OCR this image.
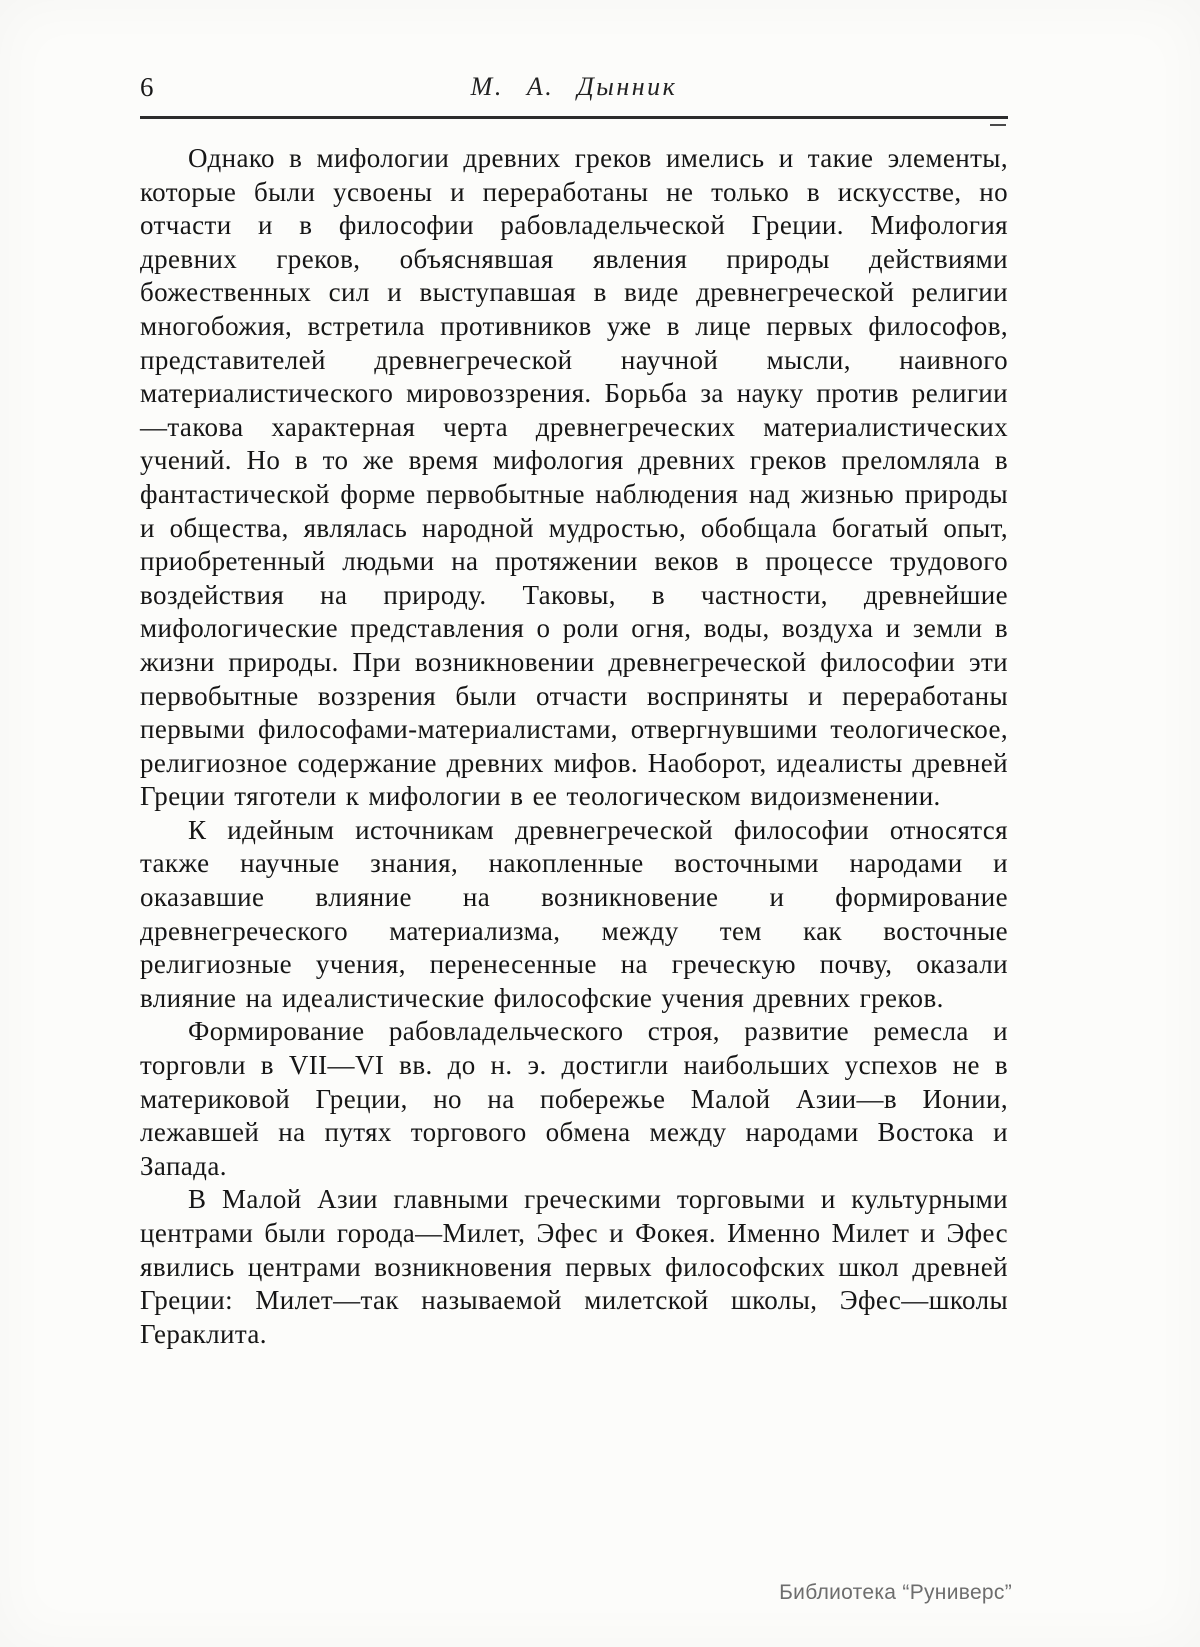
6	М. А. Дынник

Однако в мифологии древних греков имелись и такие элементы, которые были усвоены и переработаны не только в искусстве, но отчасти и в философии рабовладельческой Греции. Мифология древних греков, объяснявшая явления природы действиями божественных сил и выступавшая в виде древнегреческой религии многобожия, встретила противников уже в лице первых философов, представителей древнегреческой научной мысли, наивного материалистического мировоззрения. Борьба за науку против религии—такова характерная черта древнегреческих материалистических учений. Но в то же время мифология древних греков преломляла в фантастической форме первобытные наблюдения над жизнью природы и общества, являлась народной мудростью, обобщала богатый опыт, приобретенный людьми на протяжении веков в процессе трудового воздействия на природу. Таковы, в частности, древнейшие мифологические представления о роли огня, воды, воздуха и земли в жизни природы. При возникновении древнегреческой философии эти первобытные воззрения были отчасти восприняты и переработаны первыми философами-материалистами, отвергнувшими теологическое, религиозное содержание древних мифов. Наоборот, идеалисты древней Греции тяготели к мифологии в ее теологическом видоизменении.

К идейным источникам древнегреческой философии относятся также научные знания, накопленные восточными народами и оказавшие влияние на возникновение и формирование древнегреческого материализма, между тем как восточные религиозные учения, перенесенные на греческую почву, оказали влияние на идеалистические философские учения древних греков.

Формирование рабовладельческого строя, развитие ремесла и торговли в VII—VI вв. до н. э. достигли наибольших успехов не в материковой Греции, но на побережье Малой Азии—в Ионии, лежавшей на путях торгового обмена между народами Востока и Запада.

В Малой Азии главными греческими торговыми и культурными центрами были города—Милет, Эфес и Фокея. Именно Милет и Эфес явились центрами возникновения первых философских школ древней Греции: Милет—так называемой милетской школы, Эфес—школы Гераклита.

Библиотека “Руниверс”
